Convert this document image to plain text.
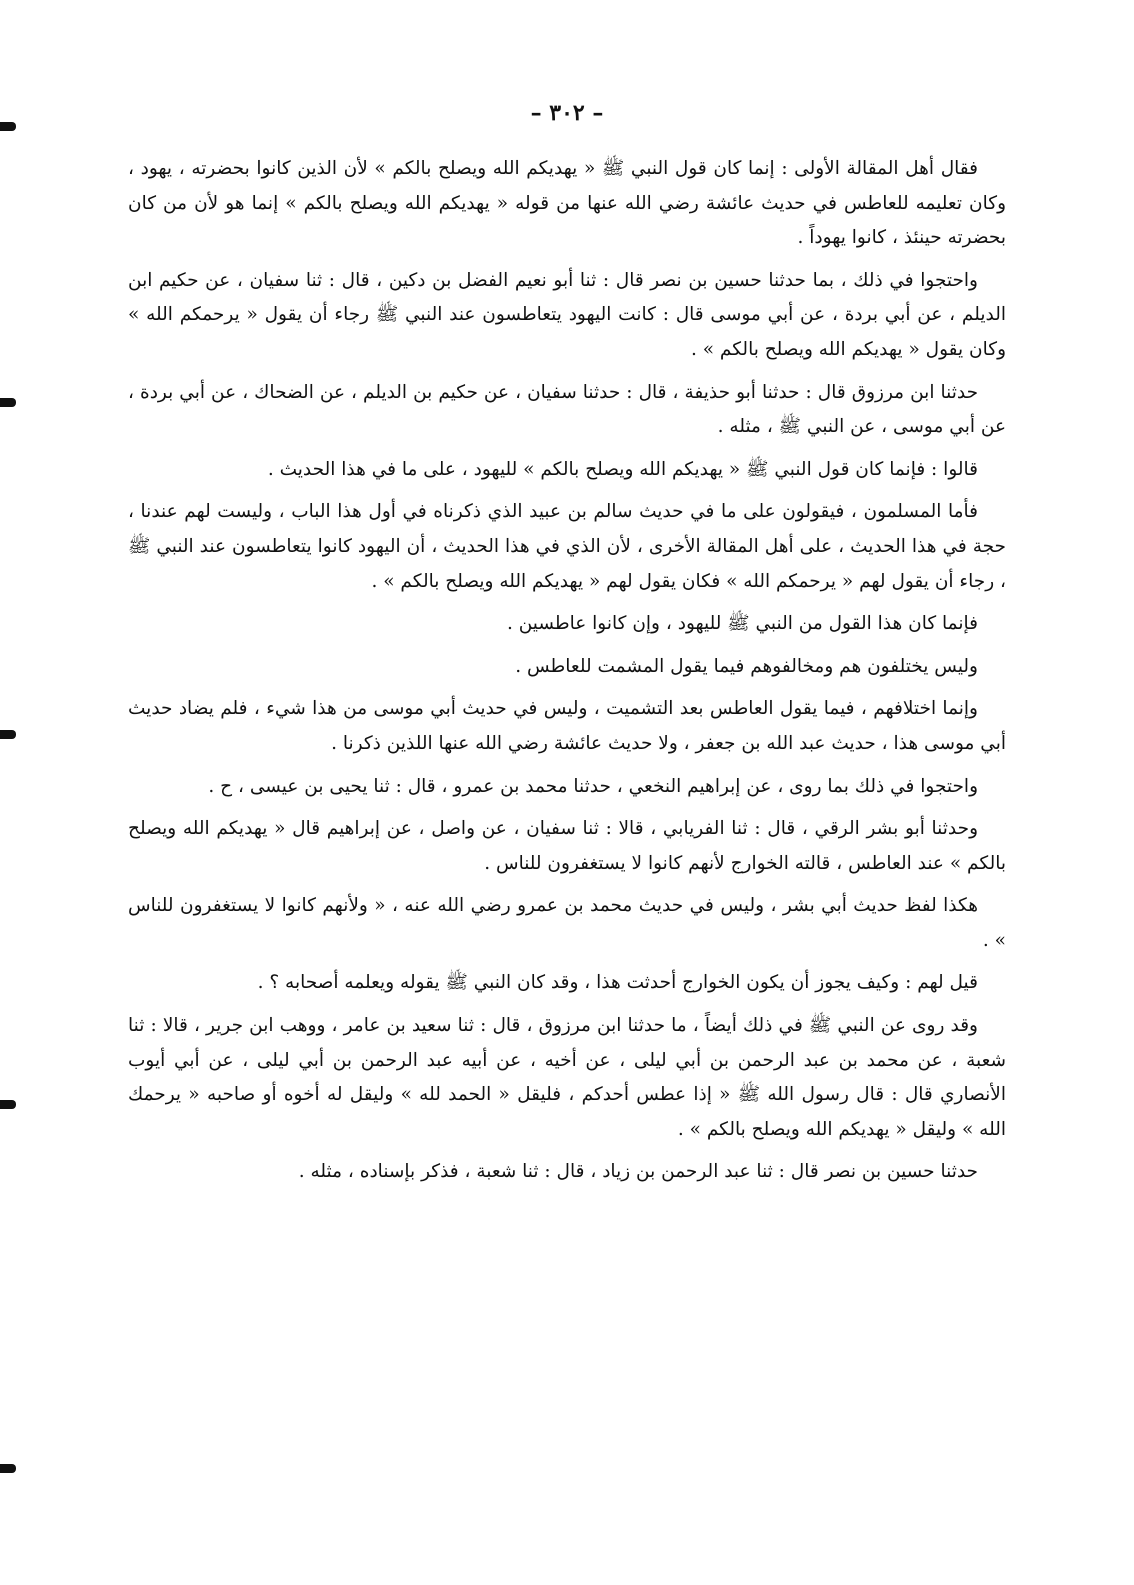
– ٣٠٢ –

فقال أهل المقالة الأولى : إنما كان قول النبي ﷺ « يهديكم الله ويصلح بالكم » لأن الذين كانوا بحضرته ، يهود ، وكان تعليمه للعاطس في حديث عائشة رضي الله عنها من قوله « يهديكم الله ويصلح بالكم » إنما هو لأن من كان بحضرته حينئذ ، كانوا يهوداً .

واحتجوا في ذلك ، بما حدثنا حسين بن نصر قال : ثنا أبو نعيم الفضل بن دكين ، قال : ثنا سفيان ، عن حكيم ابن الديلم ، عن أبي بردة ، عن أبي موسى قال : كانت اليهود يتعاطسون عند النبي ﷺ رجاء أن يقول « يرحمكم الله » وكان يقول « يهديكم الله ويصلح بالكم » .

حدثنا ابن مرزوق قال : حدثنا أبو حذيفة ، قال : حدثنا سفيان ، عن حكيم بن الديلم ، عن الضحاك ، عن أبي بردة ، عن أبي موسى ، عن النبي ﷺ ، مثله .

قالوا : فإنما كان قول النبي ﷺ « يهديكم الله ويصلح بالكم » لليهود ، على ما في هذا الحديث .

فأما المسلمون ، فيقولون على ما في حديث سالم بن عبيد الذي ذكرناه في أول هذا الباب ، وليست لهم عندنا ، حجة في هذا الحديث ، على أهل المقالة الأخرى ، لأن الذي في هذا الحديث ، أن اليهود كانوا يتعاطسون عند النبي ﷺ ، رجاء أن يقول لهم « يرحمكم الله » فكان يقول لهم « يهديكم الله ويصلح بالكم » .

فإنما كان هذا القول من النبي ﷺ لليهود ، وإن كانوا عاطسين .

وليس يختلفون هم ومخالفوهم فيما يقول المشمت للعاطس .

وإنما اختلافهم ، فيما يقول العاطس بعد التشميت ، وليس في حديث أبي موسى من هذا شيء ، فلم يضاد حديث أبي موسى هذا ، حديث عبد الله بن جعفر ، ولا حديث عائشة رضي الله عنها اللذين ذكرنا .

واحتجوا في ذلك بما روى ، عن إبراهيم النخعي ، حدثنا محمد بن عمرو ، قال : ثنا يحيى بن عيسى ، ح .

وحدثنا أبو بشر الرقي ، قال : ثنا الفريابي ، قالا : ثنا سفيان ، عن واصل ، عن إبراهيم قال « يهديكم الله ويصلح بالكم » عند العاطس ، قالته الخوارج لأنهم كانوا لا يستغفرون للناس .

هكذا لفظ حديث أبي بشر ، وليس في حديث محمد بن عمرو رضي الله عنه ، « ولأنهم كانوا لا يستغفرون للناس » .

قيل لهم : وكيف يجوز أن يكون الخوارج أحدثت هذا ، وقد كان النبي ﷺ يقوله ويعلمه أصحابه ؟ .

وقد روى عن النبي ﷺ في ذلك أيضاً ، ما حدثنا ابن مرزوق ، قال : ثنا سعيد بن عامر ، ووهب ابن جرير ، قالا : ثنا شعبة ، عن محمد بن عبد الرحمن بن أبي ليلى ، عن أخيه ، عن أبيه عبد الرحمن بن أبي ليلى ، عن أبي أيوب الأنصاري قال : قال رسول الله ﷺ « إذا عطس أحدكم ، فليقل « الحمد لله » وليقل له أخوه أو صاحبه « يرحمك الله » وليقل « يهديكم الله ويصلح بالكم » .

حدثنا حسين بن نصر قال : ثنا عبد الرحمن بن زياد ، قال : ثنا شعبة ، فذكر بإسناده ، مثله .
